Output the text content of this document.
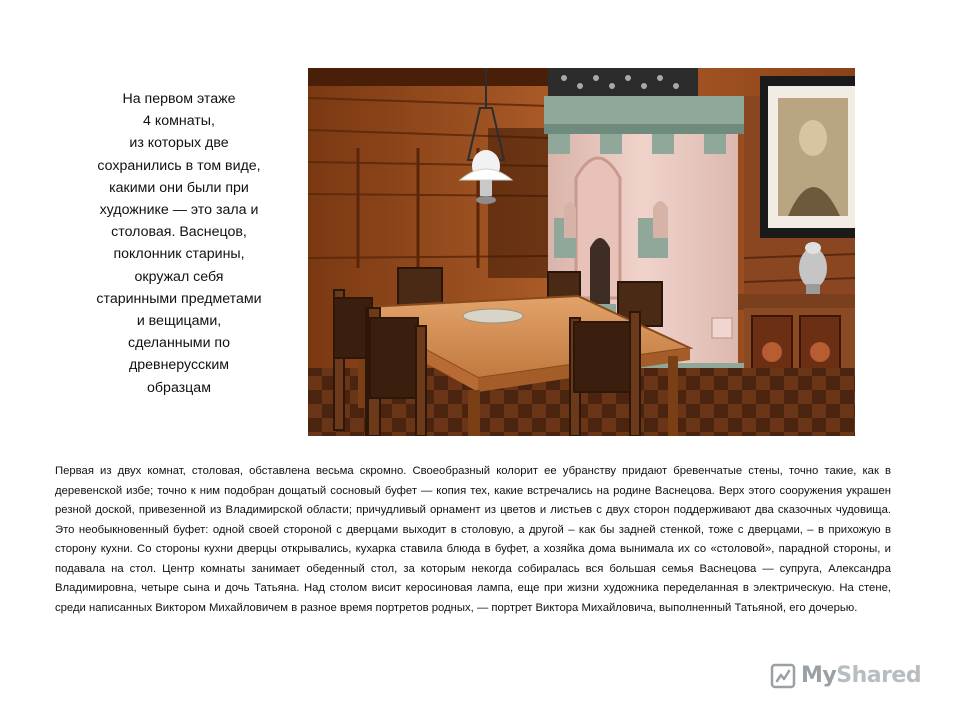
На первом этаже
4 комнаты,
из которых две
сохранились в том виде,
какими они были при
художнике — это зала и
столовая. Васнецов,
поклонник старины,
окружал себя
старинными предметами
и вещицами,
сделанными по
древнерусским
образцам
Первая из двух комнат, столовая, обставлена весьма скромно. Своеобразный колорит ее убранству придают бревенчатые стены, точно такие, как в деревенской избе; точно к ним подобран дощатый сосновый буфет — копия тех, какие встречались на родине Васнецова. Верх этого сооружения украшен резной доской, привезенной из Владимирской области; причудливый орнамент из цветов и листьев с двух сторон поддерживают два сказочных чудовища. Это необыкновенный буфет: одной своей стороной с дверцами выходит в столовую, а другой – как бы задней стенкой, тоже с дверцами, – в прихожую в сторону кухни. Со стороны кухни дверцы открывались, кухарка ставила блюда в буфет, а хозяйка дома вынимала их со «столовой», парадной стороны, и подавала на стол. Центр комнаты занимает обеденный стол, за которым некогда собиралась вся большая семья Васнецова — супруга, Александра Владимировна, четыре сына и дочь Татьяна. Над столом висит керосиновая лампа, еще при жизни художника переделанная в электрическую. На стене, среди написанных Виктором Михайловичем в разное время портретов родных, — портрет Виктора Михайловича, выполненный Татьяной, его дочерью.
MyShared
